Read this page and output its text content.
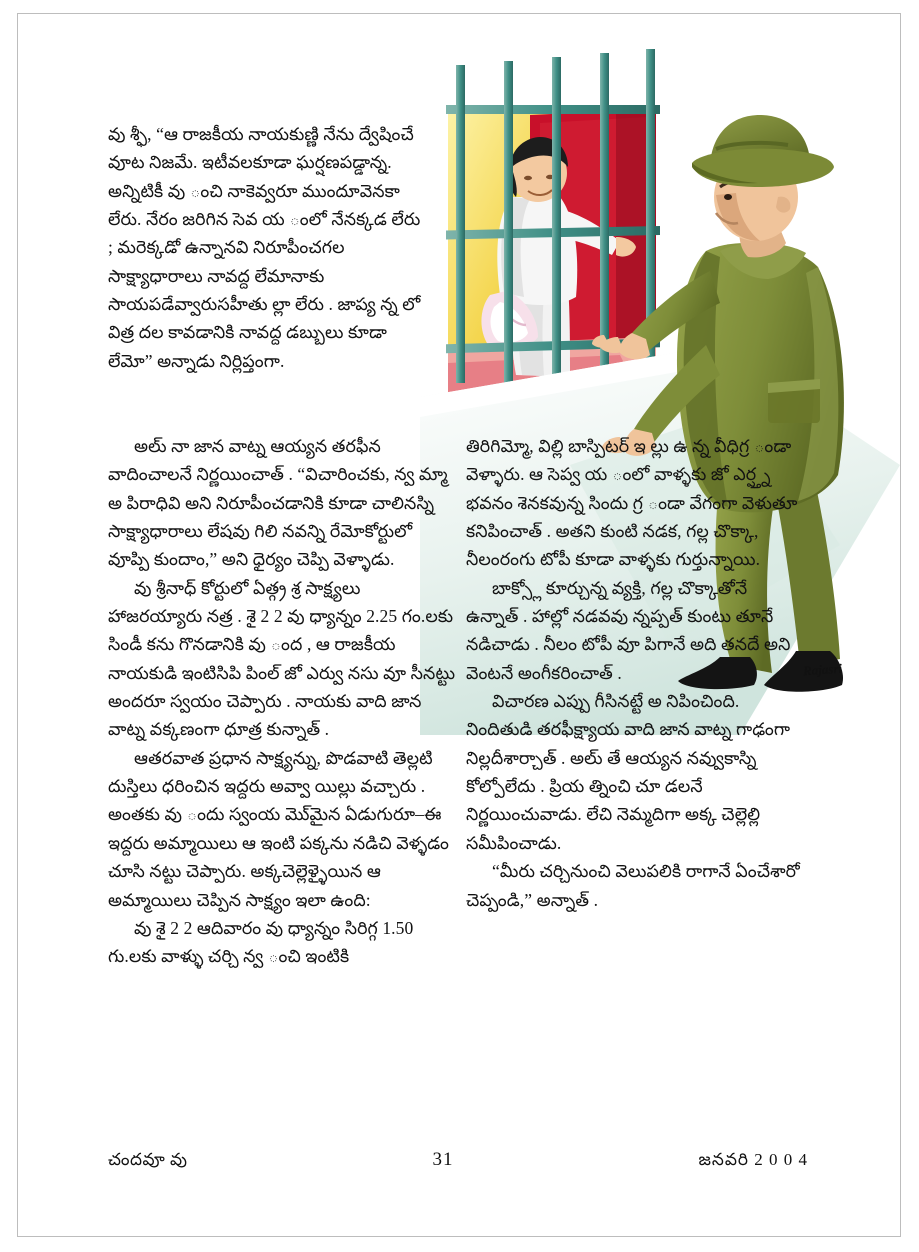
Rajasri

వు శ్ఫీ, “ఆ రాజకీయ నాయకుణ్ణి నేను ద్వేషించే వూట నిజమే. ఇటీవలకూడా ఘర్షణపడ్డాన్న. అన్నిటికీ వు ంచి నాకెవ్వరూ ముందూవెనకా లేరు. నేరం జరిగిన సెవ య ంలో నేనక్కడ లేరు ; మరెక్కడో ఉన్నానవి నిరూపీంచగల సాక్ష్యాధారాలు నావద్ద లేమానాకు సాయపడేవ్వారుసహీతు ల్లా లేరు . జాప్య న్న లో విత్ర దల కావడానికి నావద్ద డబ్బులు కూడా లేమో” అన్నాడు నిర్లిప్తంగా.

అలు్ నా జాన వాట్న ఆయ్యన తరఫీన వాదించాలనే నిర్ణయించాత్ . “విచారించకు, న్వ మ్మా అ పిరాధివి అని నిరూపీంచడానికి కూడా చాలినస్ని సాక్ష్యాధారాలు లేషవు గిలి నవన్ని రేమోకోర్టులో వూప్పి కుందాం,” అని ధైర్యం చెప్పి వెళ్ళాడు.

వు శ్రీనాధ్ కోర్టులో ఏత్గ్ర శ్ర సాక్ష్యలు హాజరయ్యారు నత్ర . శై 2 2 వు ధ్యాన్నం 2.25 గం.లకు సిండీ కను గొనడానికి వు ంద , ఆ రాజకీయ నాయకుడి ఇంటిసిపి పింల్ జో ఎర్వు నసు వూ సీనట్టు అందరూ స్వయం చెప్పారు . నాయకు వాది జాన వాట్న వక్కణంగా ధూత్ర కున్నాత్ .

ఆతరవాత ప్రధాన సాక్ష్యన్ను, పొడవాటి తెల్లటి దుస్తిలు ధరించిన ఇద్దరు అవ్వా యిల్లు వచ్చారు . అంతకు వు ందు స్వంయ మొ్మైన ఏడుగురూ–ఈ ఇద్దరు అమ్మాయిలు ఆ ఇంటి పక్కను నడిచి వెళ్ళడం చూసి నట్టు చెప్పారు. అక్కచెల్లెళ్ళైయిన ఆ అమ్మాయిలు చెప్పిన సాక్ష్యం ఇలా ఉంది:

వు శై 2 2 ఆదివారం వు ధ్యాన్నం సిరిగ్గ 1.50 గు.లకు వాళ్ళు చర్చి న్వ ంచి ఇంటికి

తిరిగిమ్మో, విల్లి బాస్పిటర్ ఇ ల్లు ఉ న్న వీధిగ్ర ండా వెళ్ళారు. ఆ సెప్వ య ంలో వాళ్ళకు జో ఎర్ష్త్న భవనం శెనకవున్న సిందు గ్ర ండా వేగంగా వెళుతూ కనిపించాత్ . అతని కుంటి నడక, గల్ల చొక్కా, నీలంరంగు టోపీ కూడా వాళ్ళకు గుర్తున్నాయి.

బాక్స్లో కూర్చున్న వ్యక్తి, గల్ల చొక్కాతోనే ఉన్నాత్ . హాల్లో నడవవు న్నప్పత్ కుంటు తూనే నడిచాడు . నీలం టోపీ వూ పిగానే అది తనదే అని వెంటనే అంగీకరించాత్ .

విచారణ ఎప్పు గీసినట్టే అ నిపించింది. నిందితుడి తరఫీక్ష్యాయ వాది జాన వాట్న గాఢంగా నిల్లదీశార్చాత్ . అలు్ తే ఆయ్యన నవ్వుకాస్ని కోల్పోలేదు . ప్రియ త్నించి చూ డలనే నిర్ణయించువాడు. లేచి నెమ్మదిగా అక్క చెల్లెల్లి సమీపించాడు.

“మీరు చర్చినుంచి వెలుపలికి రాగానే ఏంచేశారో చెప్పండి,” అన్నాత్ .

చందవూ వు	31	జనవరి 2 0 0 4
